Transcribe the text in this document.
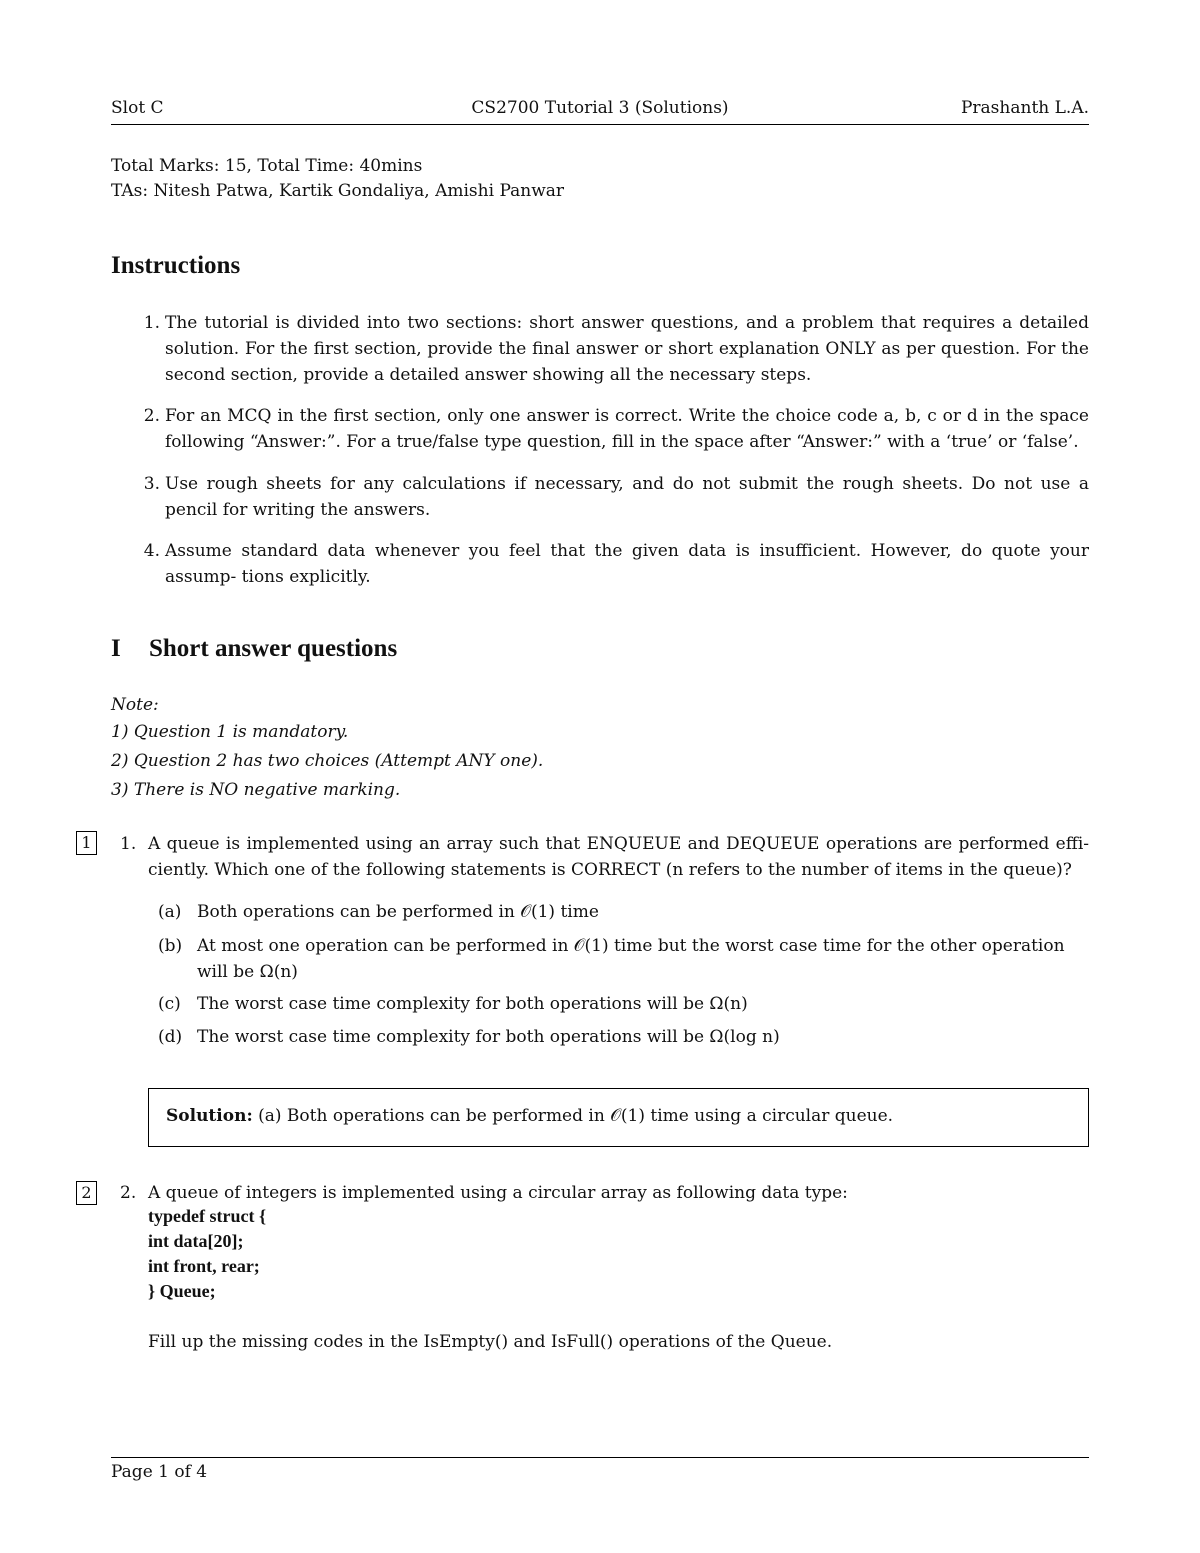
Slot C	CS2700 Tutorial 3 (Solutions)	Prashanth L.A.
Total Marks: 15, Total Time: 40mins
TAs: Nitesh Patwa, Kartik Gondaliya, Amishi Panwar
Instructions
1. The tutorial is divided into two sections: short answer questions, and a problem that requires a detailed solution. For the first section, provide the final answer or short explanation ONLY as per question. For the second section, provide a detailed answer showing all the necessary steps.
2. For an MCQ in the first section, only one answer is correct. Write the choice code a, b, c or d in the space following “Answer:”. For a true/false type question, fill in the space after “Answer:” with a ‘true’ or ‘false’.
3. Use rough sheets for any calculations if necessary, and do not submit the rough sheets. Do not use a pencil for writing the answers.
4. Assume standard data whenever you feel that the given data is insufficient. However, do quote your assump- tions explicitly.
I Short answer questions
Note:
1) Question 1 is mandatory.
2) Question 2 has two choices (Attempt ANY one).
3) There is NO negative marking.
1	1. A queue is implemented using an array such that ENQUEUE and DEQUEUE operations are performed effi- ciently. Which one of the following statements is CORRECT (n refers to the number of items in the queue)?
(a) Both operations can be performed in 𝒪(1) time
(b) At most one operation can be performed in 𝒪(1) time but the worst case time for the other operation will be Ω(n)
(c) The worst case time complexity for both operations will be Ω(n)
(d) The worst case time complexity for both operations will be Ω(log n)
Solution: (a) Both operations can be performed in 𝒪(1) time using a circular queue.
2	2. A queue of integers is implemented using a circular array as following data type:
typedef struct {
int data[20];
int front, rear;
} Queue;
Fill up the missing codes in the IsEmpty() and IsFull() operations of the Queue.
Page 1 of 4
